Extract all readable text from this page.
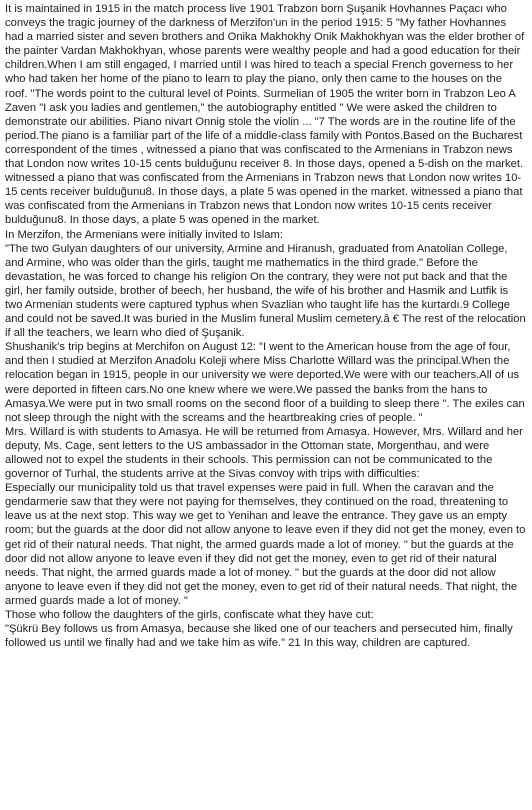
It is maintained in 1915 in the match process live 1901 Trabzon born Şuşanik Hovhannes Paçacı who conveys the tragic journey of the darkness of Merzifon'un in the period 1915: 5 "My father Hovhannes had a married sister and seven brothers and Onika Makhokhy Onik Makhokhyan was the elder brother of the painter Vardan Makhokhyan, whose parents were wealthy people and had a good education for their children.When I am still engaged, I married until I was hired to teach a special French governess to her who had taken her home of the piano to learn to play the piano, only then came to the houses on the roof. "The words point to the cultural level of Points. Surmelian of 1905 the writer born in Trabzon Leo A Zaven "I ask you ladies and gentlemen," the autobiography entitled " We were asked the children to demonstrate our abilities. Piano nivart Onnig stole the violin ... "7 The words are in the routine life of the period.The piano is a familiar part of the life of a middle-class family with Pontos.Based on the Bucharest correspondent of the times , witnessed a piano that was confiscated to the Armenians in Trabzon news that London now writes 10-15 cents bulduğunu receiver 8. In those days, opened a 5-dish on the market. witnessed a piano that was confiscated from the Armenians in Trabzon news that London now writes 10-15 cents receiver bulduğunu8. In those days, a plate 5 was opened in the market. witnessed a piano that was confiscated from the Armenians in Trabzon news that London now writes 10-15 cents receiver bulduğunu8. In those days, a plate 5 was opened in the market.

In Merzifon, the Armenians were initially invited to Islam:

"The two Gulyan daughters of our university, Armine and Hiranush, graduated from Anatolian College, and Armine, who was older than the girls, taught me mathematics in the third grade." Before the devastation, he was forced to change his religion On the contrary, they were not put back and that the girl, her family outside, brother of beech, her husband, the wife of his brother and Hasmik and Lutfik is two Armenian students were captured typhus when Svazlian who taught life has the kurtardı.9 College and could not be saved.It was buried in the Muslim funeral Muslim cemetery.â € The rest of the relocation if all the teachers, we learn who died of Şuşanik.

Shushanik's trip begins at Merchifon on August 12: "I went to the American house from the age of four, and then I studied at Merzifon Anadolu Koleji where Miss Charlotte Willard was the principal.When the relocation began in 1915, people in our university we were deported.We were with our teachers.All of us were deported in fifteen cars.No one knew where we were.We passed the banks from the hans to Amasya.We were put in two small rooms on the second floor of a building to sleep there ". The exiles can not sleep through the night with the screams and the heartbreaking cries of people. "

Mrs. Willard is with students to Amasya. He will be returned from Amasya. However, Mrs. Willard and her deputy, Ms. Cage, sent letters to the US ambassador in the Ottoman state, Morgenthau, and were allowed not to expel the students in their schools. This permission can not be communicated to the governor of Turhal, the students arrive at the Sivas convoy with trips with difficulties:

Especially our municipality told us that travel expenses were paid in full. When the caravan and the gendarmerie saw that they were not paying for themselves, they continued on the road, threatening to leave us at the next stop. This way we get to Yenihan and leave the entrance. They gave us an empty room; but the guards at the door did not allow anyone to leave even if they did not get the money, even to get rid of their natural needs. That night, the armed guards made a lot of money. " but the guards at the door did not allow anyone to leave even if they did not get the money, even to get rid of their natural needs. That night, the armed guards made a lot of money. " but the guards at the door did not allow anyone to leave even if they did not get the money, even to get rid of their natural needs. That night, the armed guards made a lot of money. "

Those who follow the daughters of the girls, confiscate what they have cut:

"Şükrü Bey follows us from Amasya, because she liked one of our teachers and persecuted him, finally followed us until we finally had and we take him as wife." 21 In this way, children are captured.
